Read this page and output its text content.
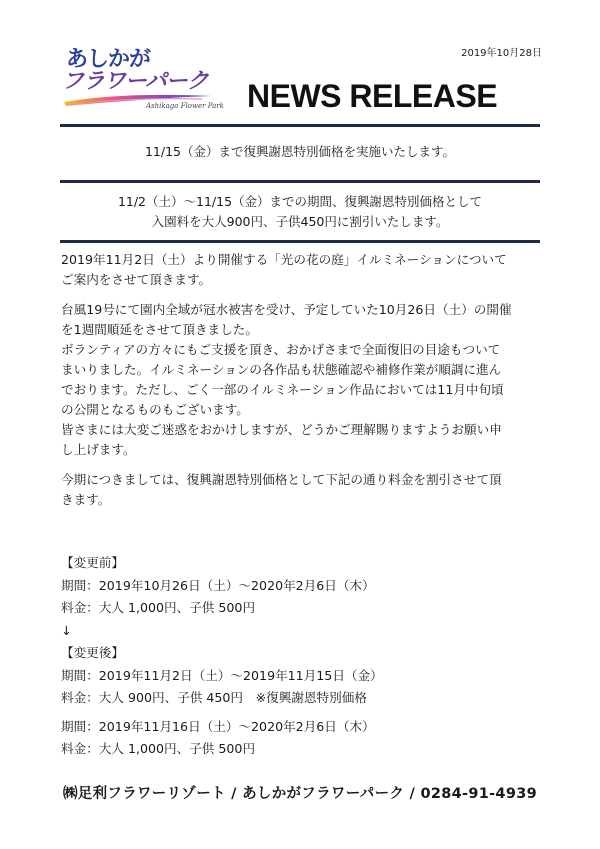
2019年10月28日
あしかが
フラワーパーク
Ashikaga Flower Park NEWS RELEASE
11/15（金）まで復興謝恩特別価格を実施いたします。
11/2（土）～11/15（金）までの期間、復興謝恩特別価格として
入園料を大人900円、子供450円に割引いたします。
2019年11月2日（土）より開催する「光の花の庭」イルミネーションについて
ご案内をさせて頂きます。
台風19号にて園内全域が冠水被害を受け、予定していた10月26日（土）の開催
を1週間順延をさせて頂きました。
ボランティアの方々にもご支援を頂き、おかげさまで全面復旧の目途もついて
まいりました。イルミネーションの各作品も状態確認や補修作業が順調に進ん
でおります。ただし、ごく一部のイルミネーション作品においては11月中旬頃
の公開となるものもございます。
皆さまには大変ご迷惑をおかけしますが、どうかご理解賜りますようお願い申
し上げます。
今期につきましては、復興謝恩特別価格として下記の通り料金を割引させて頂
きます。
【変更前】
期間：2019年10月26日（土）～2020年2月6日（木）
料金：大人 1,000円、子供 500円
↓
【変更後】
期間：2019年11月2日（土）～2019年11月15日（金）
料金：大人 900円、子供 450円　※復興謝恩特別価格
期間：2019年11月16日（土）～2020年2月6日（木）
料金：大人 1,000円、子供 500円
㈱足利フラワーリゾート / あしかがフラワーパーク / 0284-91-4939
